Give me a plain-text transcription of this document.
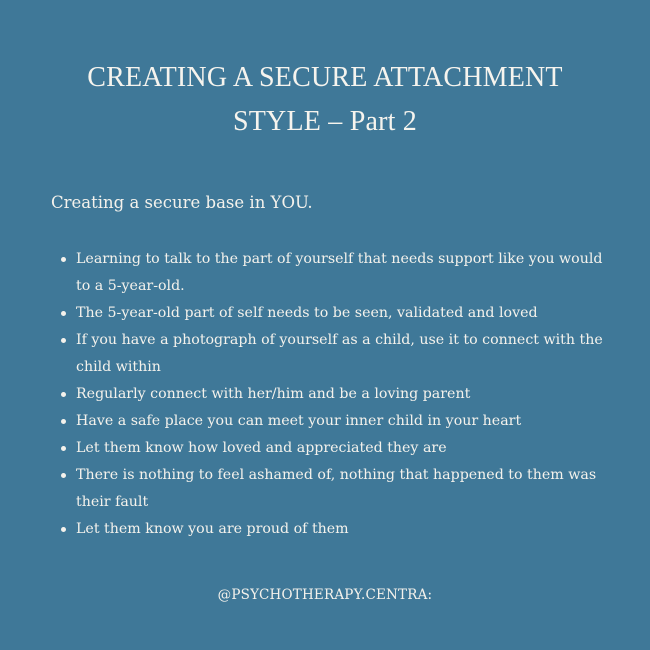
CREATING A SECURE ATTACHMENT
STYLE – Part 2
Creating a secure base in YOU.
Learning to talk to the part of yourself that needs support like you would to a 5-year-old.
The 5-year-old part of self needs to be seen, validated and loved
If you have a photograph of yourself as a child, use it to connect with the child within
Regularly connect with her/him and be a loving parent
Have a safe place you can meet your inner child in your heart
Let them know how loved and appreciated they are
There is nothing to feel ashamed of, nothing that happened to them was their fault
Let them know you are proud of them
@PSYCHOTHERAPY.CENTRA:
